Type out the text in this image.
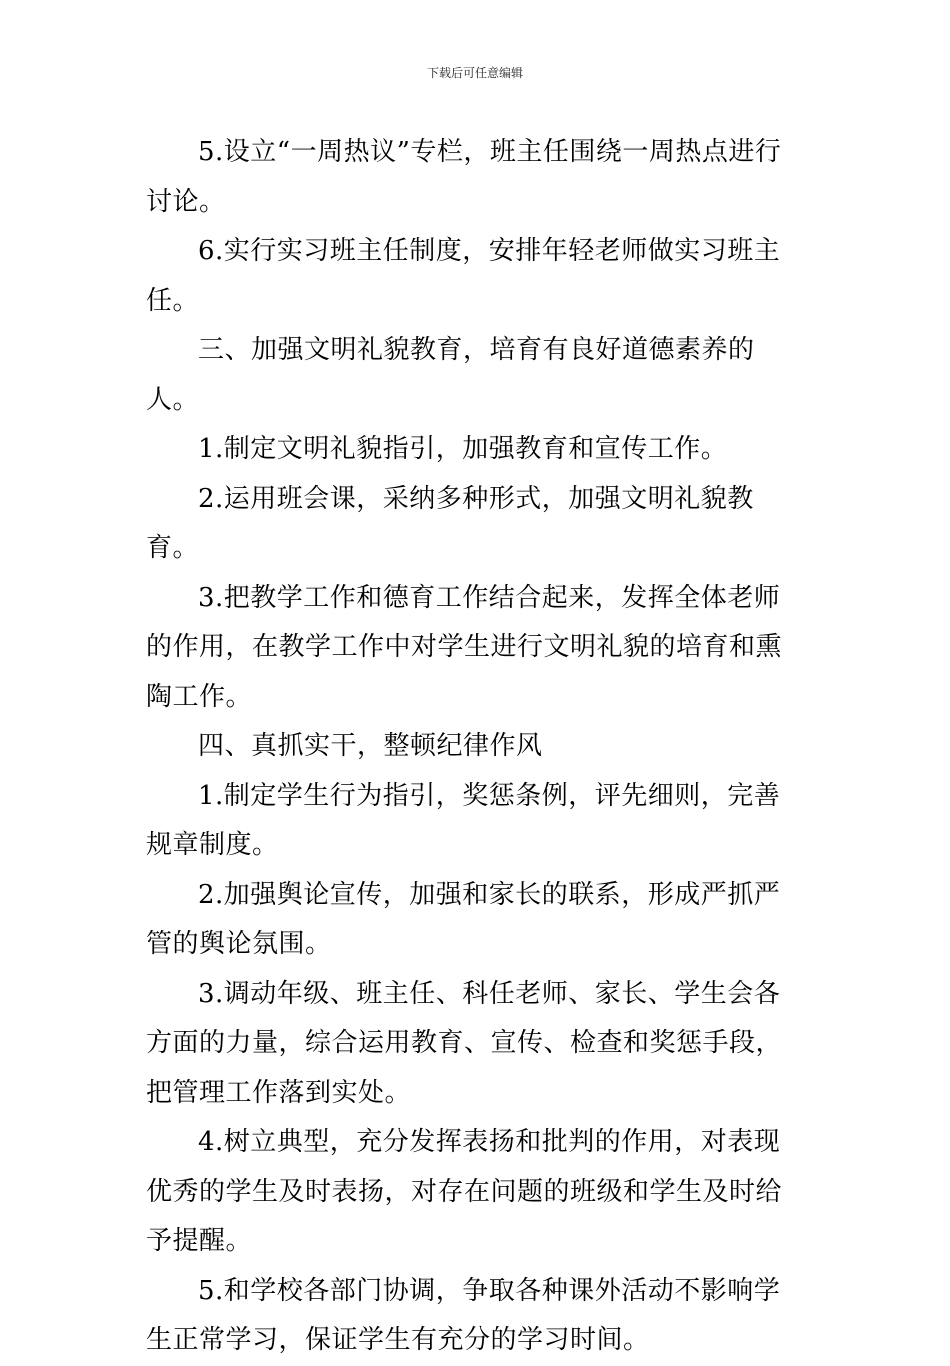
下载后可任意编辑

5.设立“一周热议”专栏，班主任围绕一周热点进行讨论。

6.实行实习班主任制度，安排年轻老师做实习班主任。

三、加强文明礼貌教育，培育有良好道德素养的人。

1.制定文明礼貌指引，加强教育和宣传工作。

2.运用班会课，采纳多种形式，加强文明礼貌教育。

3.把教学工作和德育工作结合起来，发挥全体老师的作用，在教学工作中对学生进行文明礼貌的培育和熏陶工作。

四、真抓实干，整顿纪律作风

1.制定学生行为指引，奖惩条例，评先细则，完善规章制度。

2.加强舆论宣传，加强和家长的联系，形成严抓严管的舆论氛围。

3.调动年级、班主任、科任老师、家长、学生会各方面的力量，综合运用教育、宣传、检查和奖惩手段，把管理工作落到实处。

4.树立典型，充分发挥表扬和批判的作用，对表现优秀的学生及时表扬，对存在问题的班级和学生及时给予提醒。

5.和学校各部门协调，争取各种课外活动不影响学生正常学习，保证学生有充分的学习时间。
